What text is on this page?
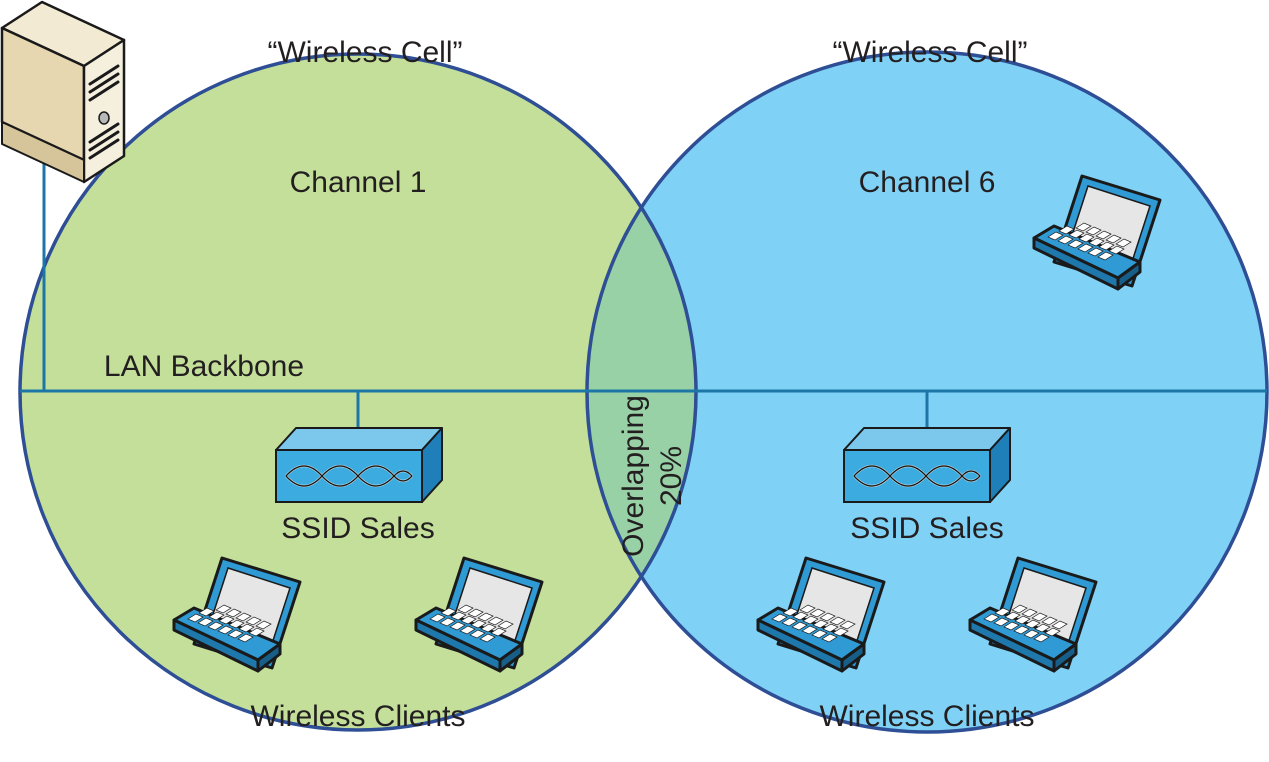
“Wireless Cell”	“Wireless Cell”
Channel 1	Channel 6
LAN Backbone
SSID Sales	SSID Sales
Wireless Clients	Wireless Clients
Overlapping 20%
